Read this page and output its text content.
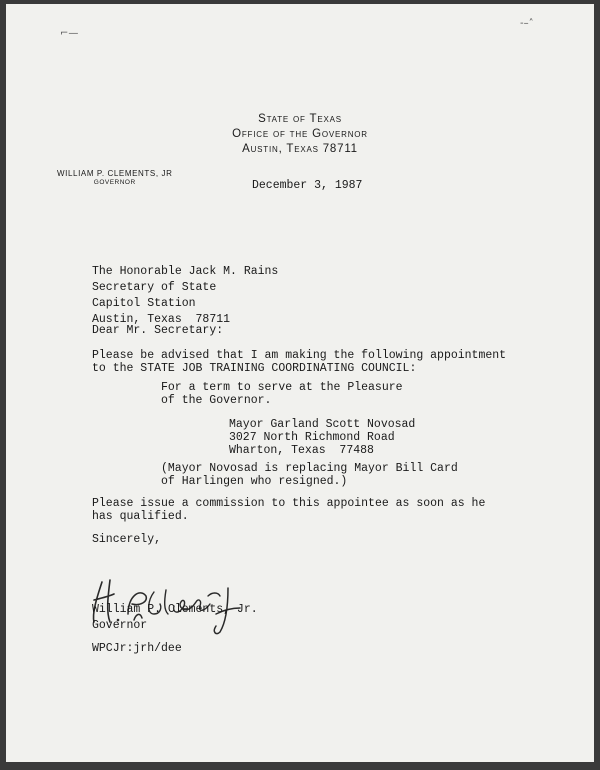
⌐—
-–˄
State of Texas
Office of the Governor
Austin, Texas 78711
WILLIAM P. CLEMENTS, JR
GOVERNOR	December 3, 1987
The Honorable Jack M. Rains
Secretary of State
Capitol Station
Austin, Texas  78711
Dear Mr. Secretary:
Please be advised that I am making the following appointment
to the STATE JOB TRAINING COORDINATING COUNCIL:
For a term to serve at the Pleasure
of the Governor.
Mayor Garland Scott Novosad
3027 North Richmond Road
Wharton, Texas  77488
(Mayor Novosad is replacing Mayor Bill Card
of Harlingen who resigned.)
Please issue a commission to this appointee as soon as he
has qualified.
Sincerely,
William P. Clements, Jr.
Governor
WPCJr:jrh/dee
